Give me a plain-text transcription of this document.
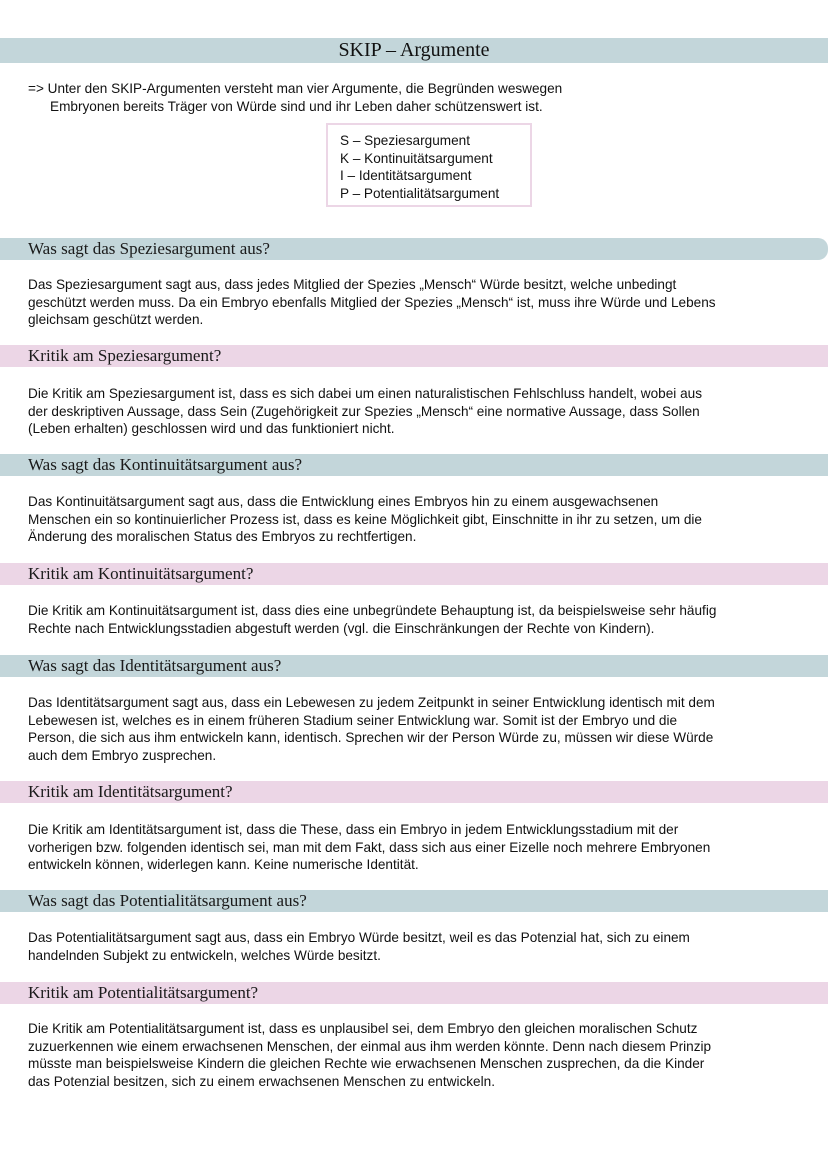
SKIP – Argumente
=> Unter den SKIP-Argumenten versteht man vier Argumente, die Begründen weswegen
Embryonen bereits Träger von Würde sind und ihr Leben daher schützenswert ist.
S – Speziesargument
K – Kontinuitätsargument
I – Identitätsargument
P – Potentialitätsargument
Was sagt das Speziesargument aus?
Das Speziesargument sagt aus, dass jedes Mitglied der Spezies „Mensch“ Würde besitzt, welche unbedingt
geschützt werden muss. Da ein Embryo ebenfalls Mitglied der Spezies „Mensch“ ist, muss ihre Würde und Lebens
gleichsam geschützt werden.
Kritik am Speziesargument?
Die Kritik am Speziesargument ist, dass es sich dabei um einen naturalistischen Fehlschluss handelt, wobei aus
der deskriptiven Aussage, dass Sein (Zugehörigkeit zur Spezies „Mensch“ eine normative Aussage, dass Sollen
(Leben erhalten) geschlossen wird und das funktioniert nicht.
Was sagt das Kontinuitätsargument aus?
Das Kontinuitätsargument sagt aus, dass die Entwicklung eines Embryos hin zu einem ausgewachsenen
Menschen ein so kontinuierlicher Prozess ist, dass es keine Möglichkeit gibt, Einschnitte in ihr zu setzen, um die
Änderung des moralischen Status des Embryos zu rechtfertigen.
Kritik am Kontinuitätsargument?
Die Kritik am Kontinuitätsargument ist, dass dies eine unbegründete Behauptung ist, da beispielsweise sehr häufig
Rechte nach Entwicklungsstadien abgestuft werden (vgl. die Einschränkungen der Rechte von Kindern).
Was sagt das Identitätsargument aus?
Das Identitätsargument sagt aus, dass ein Lebewesen zu jedem Zeitpunkt in seiner Entwicklung identisch mit dem
Lebewesen ist, welches es in einem früheren Stadium seiner Entwicklung war. Somit ist der Embryo und die
Person, die sich aus ihm entwickeln kann, identisch. Sprechen wir der Person Würde zu, müssen wir diese Würde
auch dem Embryo zusprechen.
Kritik am Identitätsargument?
Die Kritik am Identitätsargument ist, dass die These, dass ein Embryo in jedem Entwicklungsstadium mit der
vorherigen bzw. folgenden identisch sei, man mit dem Fakt, dass sich aus einer Eizelle noch mehrere Embryonen
entwickeln können, widerlegen kann. Keine numerische Identität.
Was sagt das Potentialitätsargument aus?
Das Potentialitätsargument sagt aus, dass ein Embryo Würde besitzt, weil es das Potenzial hat, sich zu einem
handelnden Subjekt zu entwickeln, welches Würde besitzt.
Kritik am Potentialitätsargument?
Die Kritik am Potentialitätsargument ist, dass es unplausibel sei, dem Embryo den gleichen moralischen Schutz
zuzuerkennen wie einem erwachsenen Menschen, der einmal aus ihm werden könnte. Denn nach diesem Prinzip
müsste man beispielsweise Kindern die gleichen Rechte wie erwachsenen Menschen zusprechen, da die Kinder
das Potenzial besitzen, sich zu einem erwachsenen Menschen zu entwickeln.
